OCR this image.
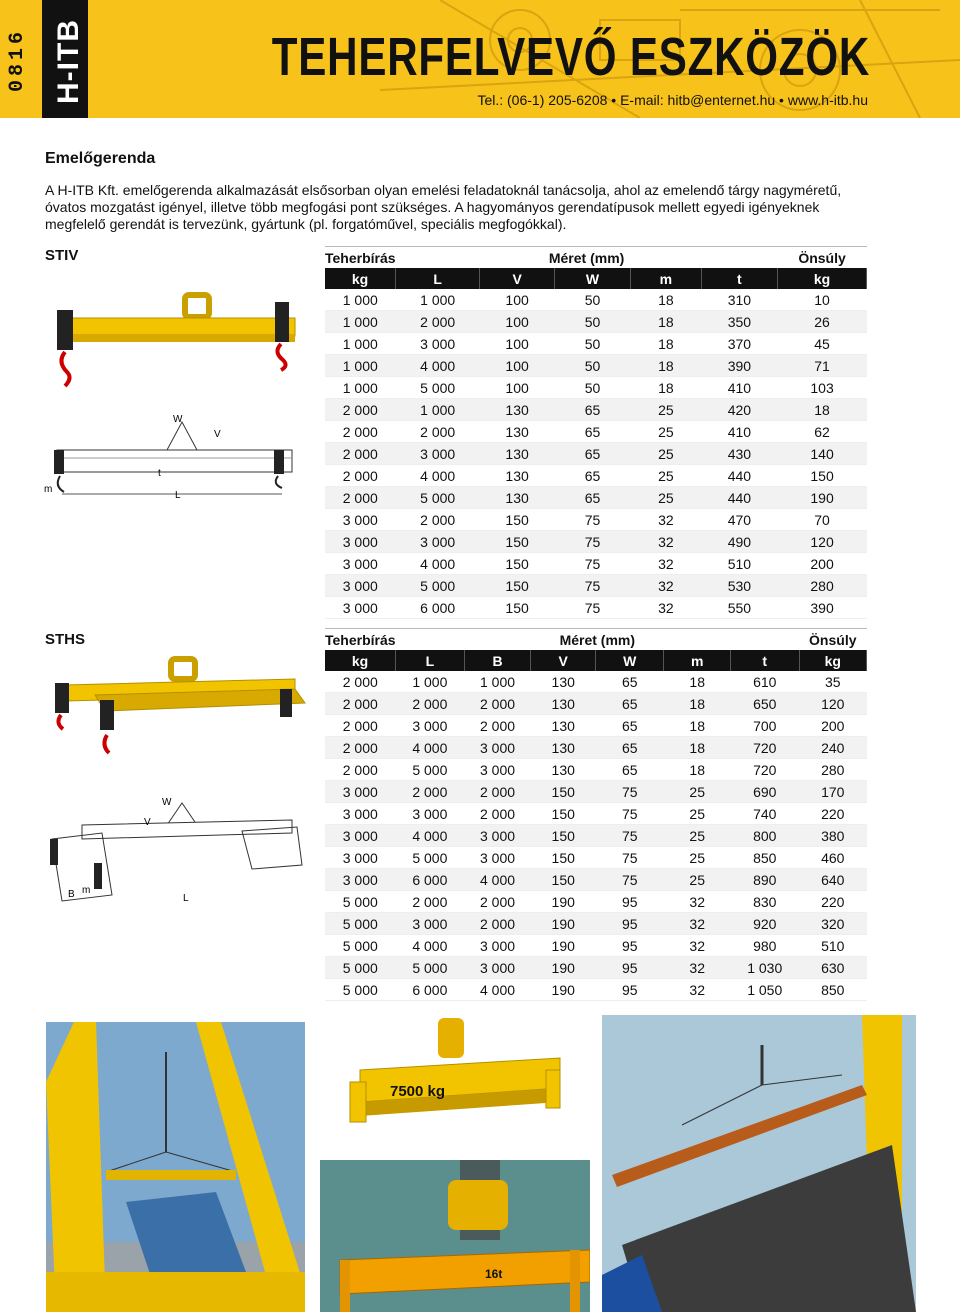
0816 H-ITB	TEHERFELVEVŐ ESZKÖZÖK
Tel.: (06-1) 205-6208 • E-mail: hitb@enternet.hu • www.h-itb.hu
Emelőgerenda
A H-ITB Kft. emelőgerenda alkalmazását elsősorban olyan emelési feladatoknál tanácsolja, ahol az emelendő tárgy nagyméretű, óvatos mozgatást igényel, illetve több megfogási pont szükséges. A hagyományos gerendatípusok mellett egyedi igényeknek megfelelő gerendát is tervezünk, gyártunk (pl. forgatóművel, speciális megfogókkal).
STIV
W
V
t
L
m
Teherbírás	Méret (mm)					Önsúly
kg	L	V	W	m	t	kg
1 000	1 000	100	50	18	310	10
1 000	2 000	100	50	18	350	26
1 000	3 000	100	50	18	370	45
1 000	4 000	100	50	18	390	71
1 000	5 000	100	50	18	410	103
2 000	1 000	130	65	25	420	18
2 000	2 000	130	65	25	410	62
2 000	3 000	130	65	25	430	140
2 000	4 000	130	65	25	440	150
2 000	5 000	130	65	25	440	190
3 000	2 000	150	75	32	470	70
3 000	3 000	150	75	32	490	120
3 000	4 000	150	75	32	510	200
3 000	5 000	150	75	32	530	280
3 000	6 000	150	75	32	550	390
STHS
W
V
B m
L
Teherbírás	Méret (mm)						Önsúly
kg	L	B	V	W	m	t	kg
2 000	1 000	1 000	130	65	18	610	35
2 000	2 000	2 000	130	65	18	650	120
2 000	3 000	2 000	130	65	18	700	200
2 000	4 000	3 000	130	65	18	720	240
2 000	5 000	3 000	130	65	18	720	280
3 000	2 000	2 000	150	75	25	690	170
3 000	3 000	2 000	150	75	25	740	220
3 000	4 000	3 000	150	75	25	800	380
3 000	5 000	3 000	150	75	25	850	460
3 000	6 000	4 000	150	75	25	890	640
5 000	2 000	2 000	190	95	32	830	220
5 000	3 000	2 000	190	95	32	920	320
5 000	4 000	3 000	190	95	32	980	510
5 000	5 000	3 000	190	95	32	1 030	630
5 000	6 000	4 000	190	95	32	1 050	850
7500 kg
16t
